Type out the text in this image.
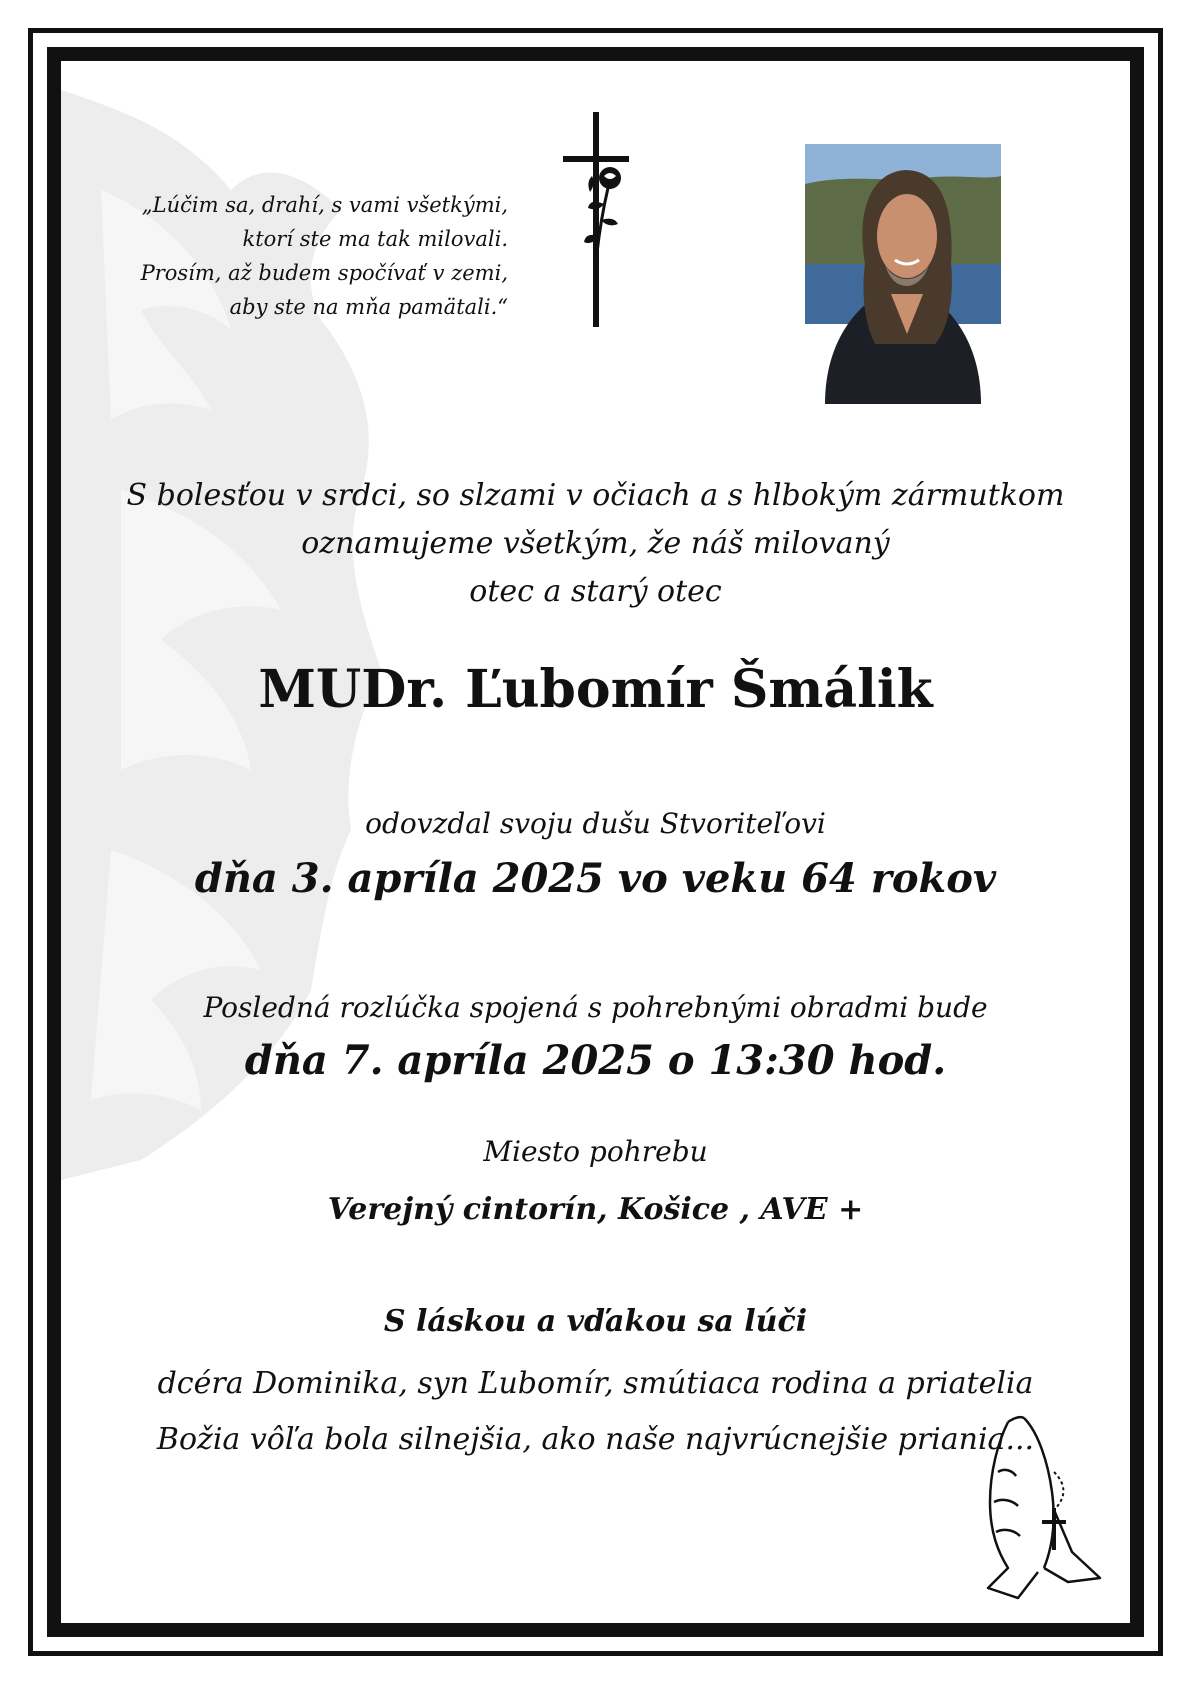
„Lúčim sa, drahí, s vami všetkými,
ktorí ste ma tak milovali.
Prosím, až budem spočívať v zemi,
aby ste na mňa pamätali.“
S bolesťou v srdci, so slzami v očiach a s hlbokým zármutkom
oznamujeme všetkým, že náš milovaný
otec a starý otec
MUDr. Ľubomír Šmálik
odovzdal svoju dušu Stvoriteľovi
dňa 3. apríla 2025 vo veku 64 rokov
Posledná rozlúčka spojená s pohrebnými obradmi bude
dňa 7. apríla 2025 o 13:30 hod.
Miesto pohrebu
Verejný cintorín, Košice , AVE +
S láskou a vďakou sa lúči
dcéra Dominika, syn Ľubomír, smútiaca rodina a priatelia
Božia vôľa bola silnejšia, ako naše najvrúcnejšie priania...
